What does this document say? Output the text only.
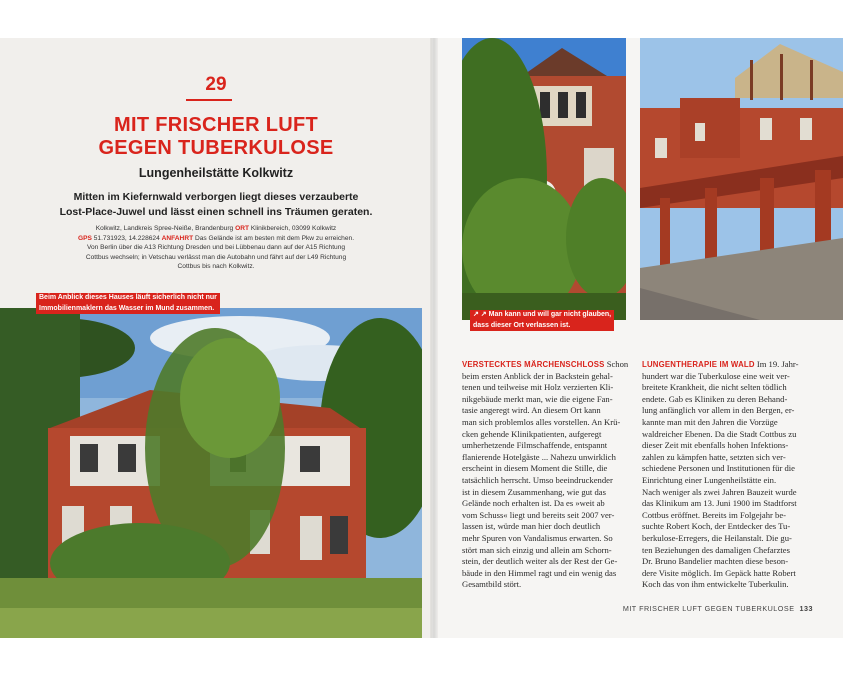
29
MIT FRISCHER LUFT
GEGEN TUBERKULOSE
Lungenheilstätte Kolkwitz
Mitten im Kiefernwald verborgen liegt dieses verzauberte
Lost-Place-Juwel und lässt einen schnell ins Träumen geraten.
Kolkwitz, Landkreis Spree-Neiße, Brandenburg ORT Klinikbereich, 03099 Kolkwitz
GPS 51.731923, 14.228624 ANFAHRT Das Gelände ist am besten mit dem Pkw zu erreichen.
Von Berlin über die A13 Richtung Dresden und bei Lübbenau dann auf der A15 Richtung
Cottbus wechseln; in Vetschau verlässt man die Autobahn und fährt auf der L49 Richtung
Cottbus bis nach Kolkwitz.
Beim Anblick dieses Hauses läuft sicherlich nicht nur
Immobilienmaklern das Wasser im Mund zusammen.
↗ ↗ Man kann und will gar nicht glauben,
dass dieser Ort verlassen ist.
VERSTECKTES MÄRCHENSCHLOSS Schon
beim ersten Anblick der in Backstein gehal-
tenen und teilweise mit Holz verzierten Kli-
nikgebäude merkt man, wie die eigene Fan-
tasie angeregt wird. An diesem Ort kann
man sich problemlos alles vorstellen. An Krü-
cken gehende Klinikpatienten, aufgeregt
umherhetzende Filmschaffende, entspannt
flanierende Hotelgäste ... Nahezu unwirklich
erscheint in diesem Moment die Stille, die
tatsächlich herrscht. Umso beeindruckender
ist in diesem Zusammenhang, wie gut das
Gelände noch erhalten ist. Da es »weit ab
vom Schuss« liegt und bereits seit 2007 ver-
lassen ist, würde man hier doch deutlich
mehr Spuren von Vandalismus erwarten. So
stört man sich einzig und allein am Schorn-
stein, der deutlich weiter als der Rest der Ge-
bäude in den Himmel ragt und ein wenig das
Gesamtbild stört.
LUNGENTHERAPIE IM WALD Im 19. Jahr-
hundert war die Tuberkulose eine weit ver-
breitete Krankheit, die nicht selten tödlich
endete. Gab es Kliniken zu deren Behand-
lung anfänglich vor allem in den Bergen, er-
kannte man mit den Jahren die Vorzüge
waldreicher Ebenen. Da die Stadt Cottbus zu
dieser Zeit mit ebenfalls hohen Infektions-
zahlen zu kämpfen hatte, setzten sich ver-
schiedene Personen und Institutionen für die
Einrichtung einer Lungenheilstätte ein.
Nach weniger als zwei Jahren Bauzeit wurde
das Klinikum am 13. Juni 1900 im Stadtforst
Cottbus eröffnet. Bereits im Folgejahr be-
suchte Robert Koch, der Entdecker des Tu-
berkulose-Erregers, die Heilanstalt. Die gu-
ten Beziehungen des damaligen Chefarztes
Dr. Bruno Bandelier machten diese beson-
dere Visite möglich. Im Gepäck hatte Robert
Koch das von ihm entwickelte Tuberkulin.
MIT FRISCHER LUFT GEGEN TUBERKULOSE 133
